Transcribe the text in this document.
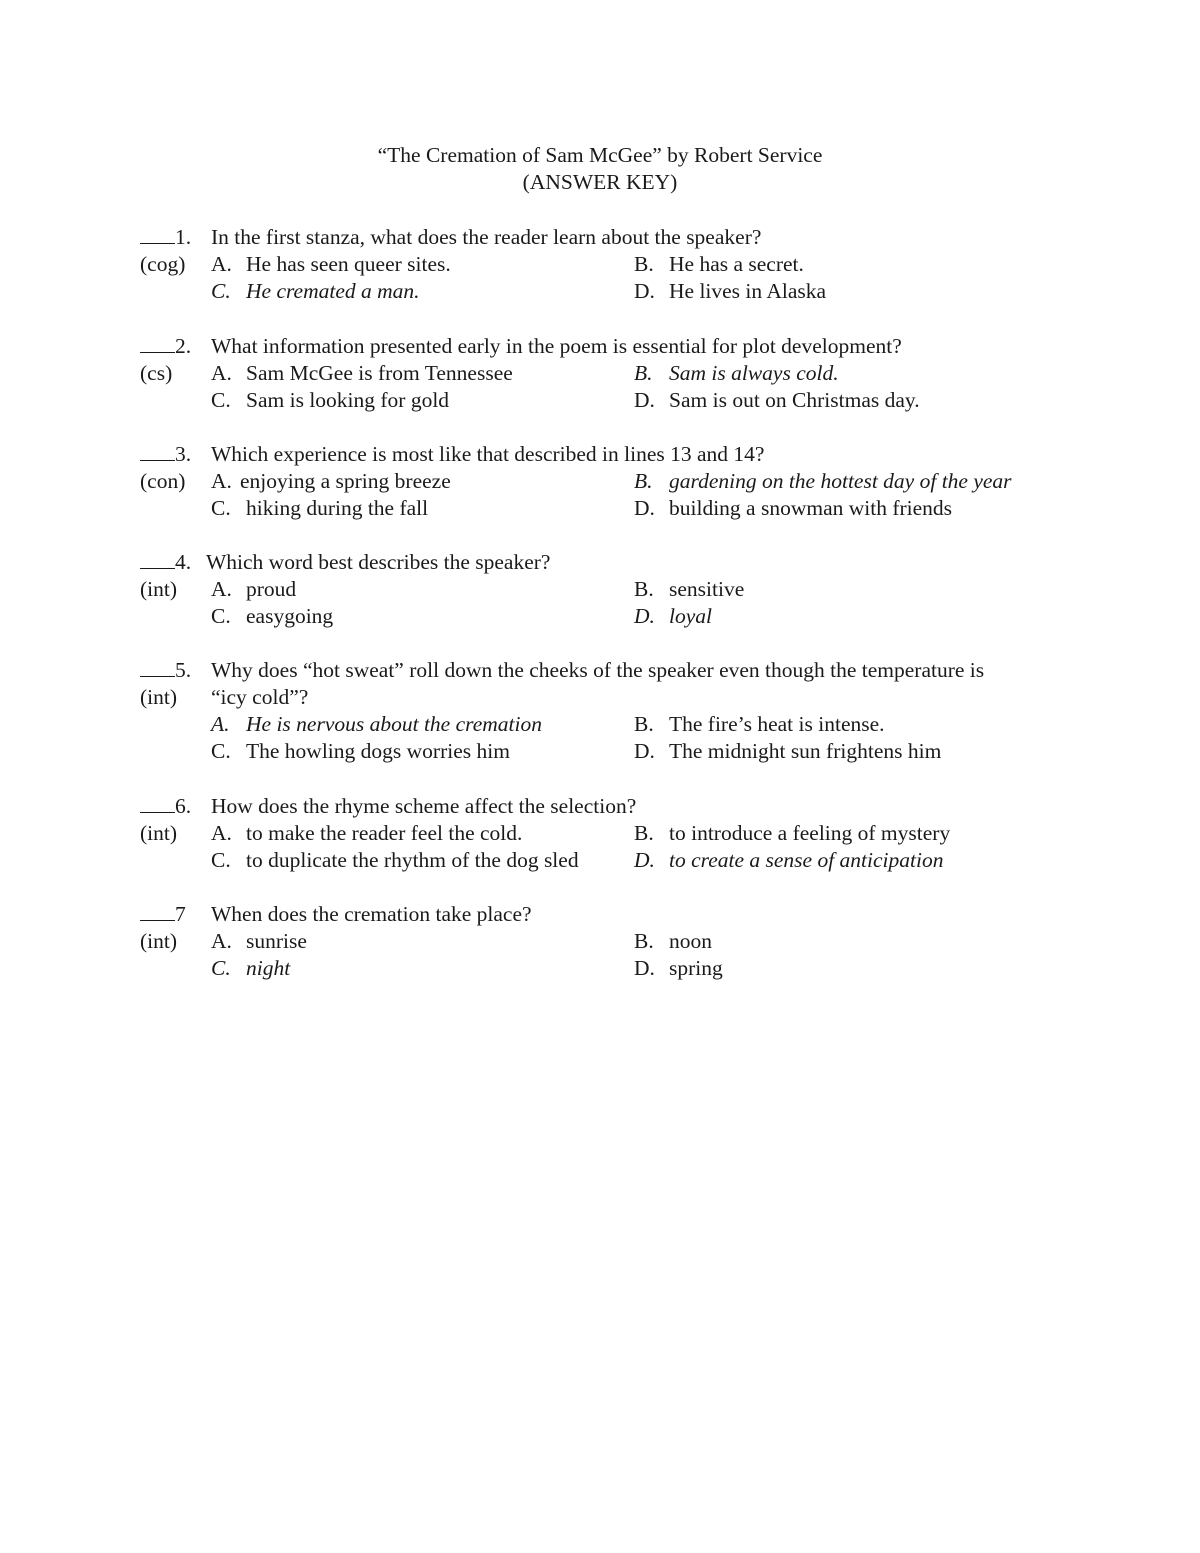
“The Cremation of Sam McGee” by Robert Service
(ANSWER KEY)
1. In the first stanza, what does the reader learn about the speaker?
(cog) A. He has seen queer sites.	B. He has a secret.
C. He cremated a man.	D. He lives in Alaska
2. What information presented early in the poem is essential for plot development?
(cs) A. Sam McGee is from Tennessee	B. Sam is always cold.
C. Sam is looking for gold	D. Sam is out on Christmas day.
3. Which experience is most like that described in lines 13 and 14?
(con) A. enjoying a spring breeze	B. gardening on the hottest day of the year
C. hiking during the fall	D. building a snowman with friends
4. Which word best describes the speaker?
(int) A. proud	B. sensitive
C. easygoing	D. loyal
5. Why does “hot sweat” roll down the cheeks of the speaker even though the temperature is
(int) “icy cold”?
A. He is nervous about the cremation	B. The fire’s heat is intense.
C. The howling dogs worries him	D. The midnight sun frightens him
6. How does the rhyme scheme affect the selection?
(int) A. to make the reader feel the cold.	B. to introduce a feeling of mystery
C. to duplicate the rhythm of the dog sled	D. to create a sense of anticipation
7 When does the cremation take place?
(int) A. sunrise	B. noon
C. night	D. spring
